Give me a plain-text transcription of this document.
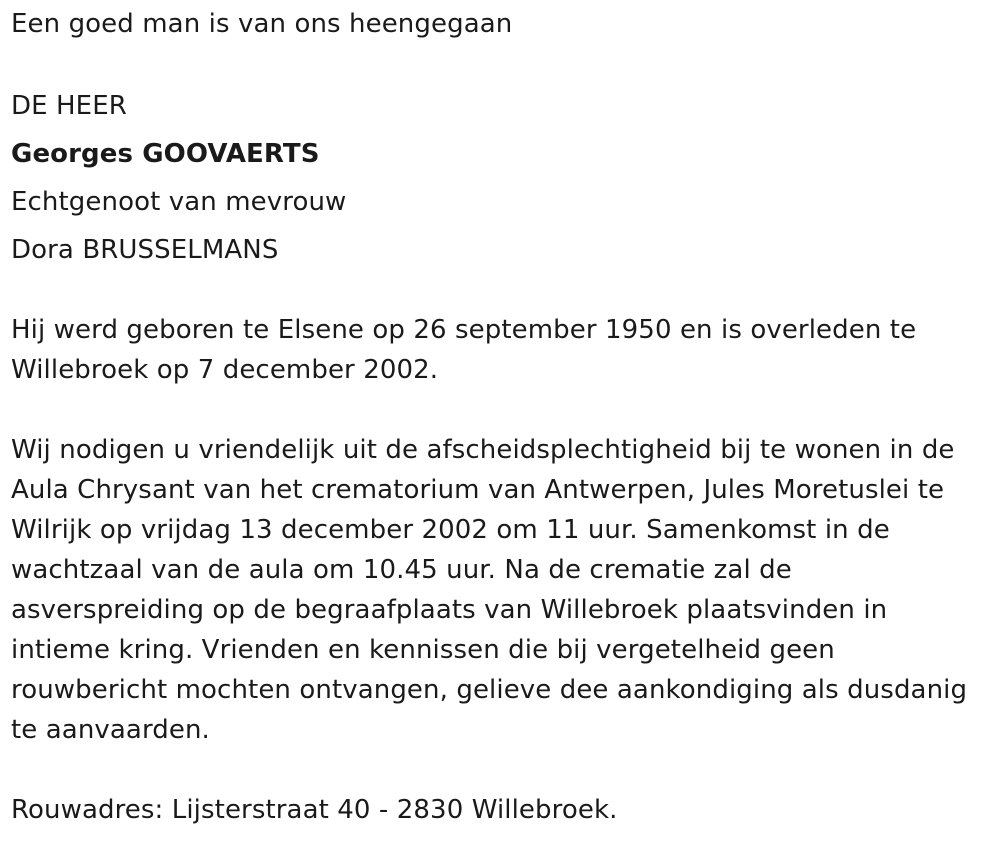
Een goed man is van ons heengegaan
DE HEER
Georges GOOVAERTS
Echtgenoot van mevrouw
Dora BRUSSELMANS
Hij werd geboren te Elsene op 26 september 1950 en is overleden te
Willebroek op 7 december 2002.
Wij nodigen u vriendelijk uit de afscheidsplechtigheid bij te wonen in de
Aula Chrysant van het crematorium van Antwerpen, Jules Moretuslei te
Wilrijk op vrijdag 13 december 2002 om 11 uur. Samenkomst in de
wachtzaal van de aula om 10.45 uur. Na de crematie zal de
asverspreiding op de begraafplaats van Willebroek plaatsvinden in
intieme kring. Vrienden en kennissen die bij vergetelheid geen
rouwbericht mochten ontvangen, gelieve dee aankondiging als dusdanig
te aanvaarden.
Rouwadres: Lijsterstraat 40 - 2830 Willebroek.
